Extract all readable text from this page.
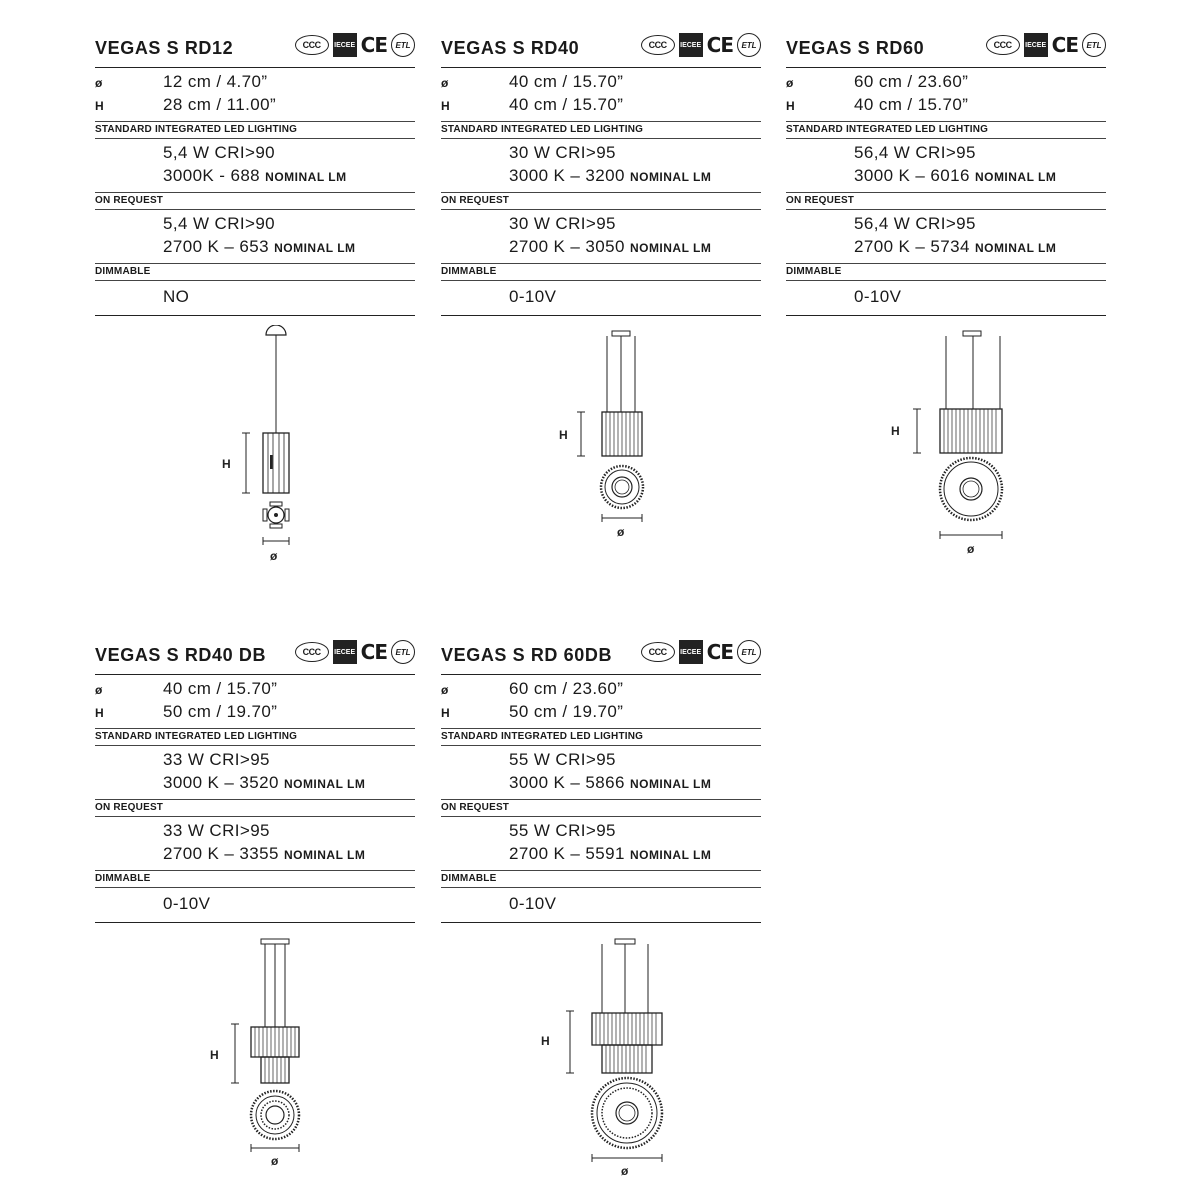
VEGAS S RD12	CCC	IECEE CE	ETL
ø	12 cm / 4.70”
H	28 cm / 11.00”
STANDARD INTEGRATED LED LIGHTING
5,4 W CRI>90
3000K - 688 NOMINAL LM
ON REQUEST
5,4 W CRI>90
2700 K – 653 NOMINAL LM
DIMMABLE
NO
VEGAS S RD40	CCC	IECEE CE	ETL
ø	40 cm / 15.70”
H	40 cm / 15.70”
STANDARD INTEGRATED LED LIGHTING
30 W CRI>95
3000 K – 3200 NOMINAL LM
ON REQUEST
30 W CRI>95
2700 K – 3050 NOMINAL LM
DIMMABLE
0-10V
VEGAS S RD60	CCC	IECEE CE	ETL
ø	60 cm / 23.60”
H	40 cm / 15.70”
STANDARD INTEGRATED LED LIGHTING
56,4 W CRI>95
3000 K – 6016 NOMINAL LM
ON REQUEST
56,4 W CRI>95
2700 K – 5734 NOMINAL LM
DIMMABLE
0-10V
VEGAS S RD40 DB	CCC	IECEE CE	ETL
ø	40 cm / 15.70”
H	50 cm / 19.70”
STANDARD INTEGRATED LED LIGHTING
33 W CRI>95
3000 K – 3520 NOMINAL LM
ON REQUEST
33 W CRI>95
2700 K – 3355 NOMINAL LM
DIMMABLE
0-10V
VEGAS S RD 60DB	CCC	IECEE CE	ETL
ø	60 cm / 23.60”
H	50 cm / 19.70”
STANDARD INTEGRATED LED LIGHTING
55 W CRI>95
3000 K – 5866 NOMINAL LM
ON REQUEST
55 W CRI>95
2700 K – 5591 NOMINAL LM
DIMMABLE
0-10V
H
ø
H
ø
H
ø
H
ø
H
ø
